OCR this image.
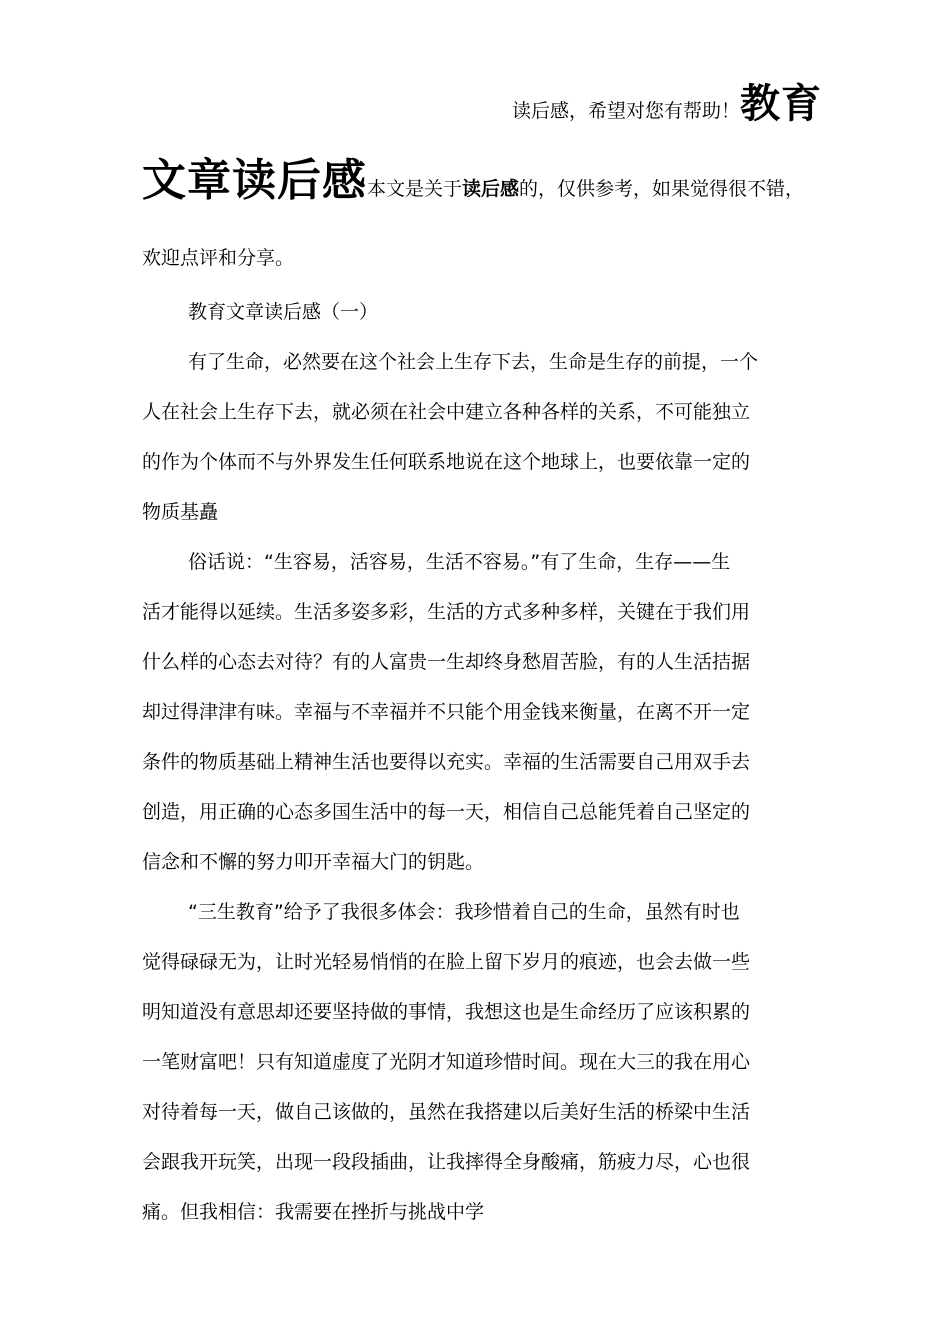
读后感，希望对您有帮助！教育
文章读后感本文是关于读后感的，仅供参考，如果觉得很不错，
欢迎点评和分享。
教育文章读后感（一）
有了生命，必然要在这个社会上生存下去，生命是生存的前提，一个
人在社会上生存下去，就必须在社会中建立各种各样的关系，不可能独立
的作为个体而不与外界发生任何联系地说在这个地球上，也要依靠一定的
物质基矗
俗话说：“生容易，活容易，生活不容易。”有了生命，生存——生
活才能得以延续。生活多姿多彩，生活的方式多种多样，关键在于我们用
什么样的心态去对待？有的人富贵一生却终身愁眉苦脸，有的人生活拮据
却过得津津有味。幸福与不幸福并不只能个用金钱来衡量，在离不开一定
条件的物质基础上精神生活也要得以充实。幸福的生活需要自己用双手去
创造，用正确的心态多国生活中的每一天，相信自己总能凭着自己坚定的
信念和不懈的努力叩开幸福大门的钥匙。
“三生教育”给予了我很多体会：我珍惜着自己的生命，虽然有时也
觉得碌碌无为，让时光轻易悄悄的在脸上留下岁月的痕迹，也会去做一些
明知道没有意思却还要坚持做的事情，我想这也是生命经历了应该积累的
一笔财富吧！只有知道虚度了光阴才知道珍惜时间。现在大三的我在用心
对待着每一天，做自己该做的，虽然在我搭建以后美好生活的桥梁中生活
会跟我开玩笑，出现一段段插曲，让我摔得全身酸痛，筋疲力尽，心也很
痛。但我相信：我需要在挫折与挑战中学
